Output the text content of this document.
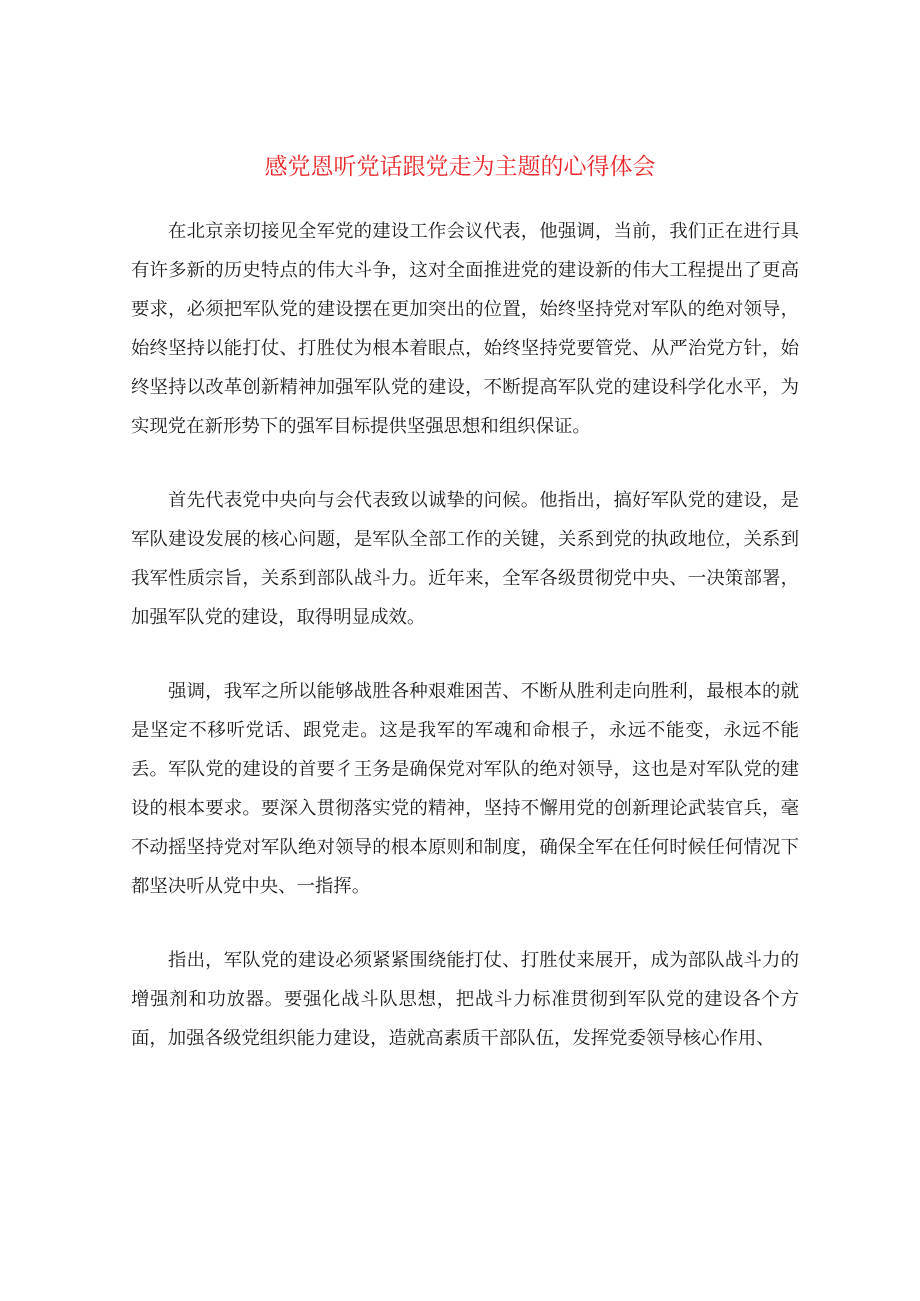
感党恩听党话跟党走为主题的心得体会

在北京亲切接见全军党的建设工作会议代表，他强调，当前，我们正在进行具有许多新的历史特点的伟大斗争，这对全面推进党的建设新的伟大工程提出了更高要求，必须把军队党的建设摆在更加突出的位置，始终坚持党对军队的绝对领导，始终坚持以能打仗、打胜仗为根本着眼点，始终坚持党要管党、从严治党方针，始终坚持以改革创新精神加强军队党的建设，不断提高军队党的建设科学化水平，为实现党在新形势下的强军目标提供坚强思想和组织保证。

首先代表党中央向与会代表致以诚挚的问候。他指出，搞好军队党的建设，是军队建设发展的核心问题，是军队全部工作的关键，关系到党的执政地位，关系到我军性质宗旨，关系到部队战斗力。近年来，全军各级贯彻党中央、一决策部署，加强军队党的建设，取得明显成效。

强调，我军之所以能够战胜各种艰难困苦、不断从胜利走向胜利，最根本的就是坚定不移听党话、跟党走。这是我军的军魂和命根子，永远不能变，永远不能丢。军队党的建设的首要彳王务是确保党对军队的绝对领导，这也是对军队党的建设的根本要求。要深入贯彻落实党的精神，坚持不懈用党的创新理论武装官兵，毫不动摇坚持党对军队绝对领导的根本原则和制度，确保全军在任何时候任何情况下都坚决听从党中央、一指挥。

指出，军队党的建设必须紧紧围绕能打仗、打胜仗来展开，成为部队战斗力的增强剂和功放器。要强化战斗队思想，把战斗力标准贯彻到军队党的建设各个方面，加强各级党组织能力建设，造就高素质干部队伍，发挥党委领导核心作用、
